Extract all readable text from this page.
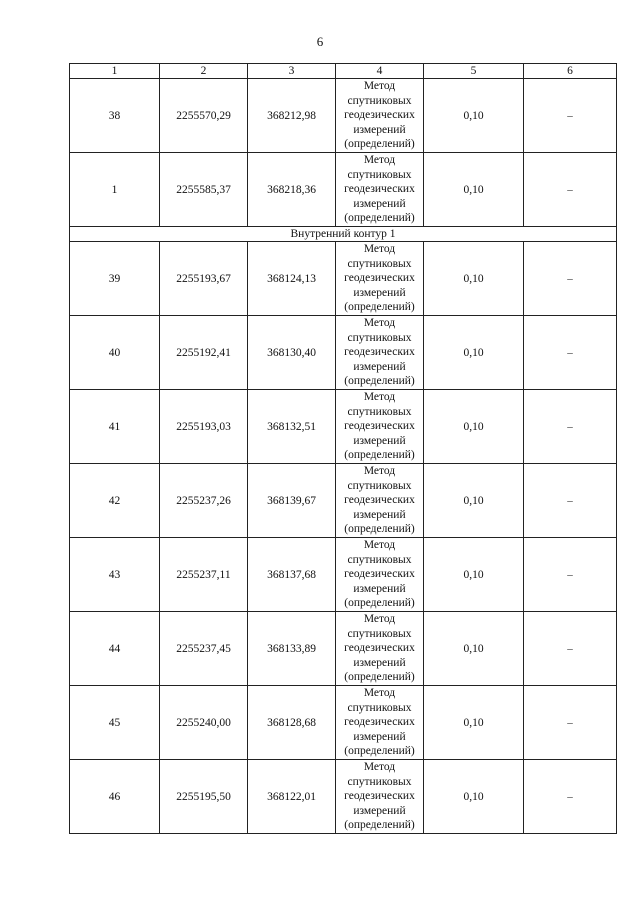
6
1	2	3	4	5	6
38	2255570,29	368212,98	Метод
спутниковых
геодезических
измерений
(определений)	0,10	–
1	2255585,37	368218,36	Метод
спутниковых
геодезических
измерений
(определений)	0,10	–
Внутренний контур 1					
39	2255193,67	368124,13	Метод
спутниковых
геодезических
измерений
(определений)	0,10	–
40	2255192,41	368130,40	Метод
спутниковых
геодезических
измерений
(определений)	0,10	–
41	2255193,03	368132,51	Метод
спутниковых
геодезических
измерений
(определений)	0,10	–
42	2255237,26	368139,67	Метод
спутниковых
геодезических
измерений
(определений)	0,10	–
43	2255237,11	368137,68	Метод
спутниковых
геодезических
измерений
(определений)	0,10	–
44	2255237,45	368133,89	Метод
спутниковых
геодезических
измерений
(определений)	0,10	–
45	2255240,00	368128,68	Метод
спутниковых
геодезических
измерений
(определений)	0,10	–
46	2255195,50	368122,01	Метод
спутниковых
геодезических
измерений
(определений)	0,10	–
